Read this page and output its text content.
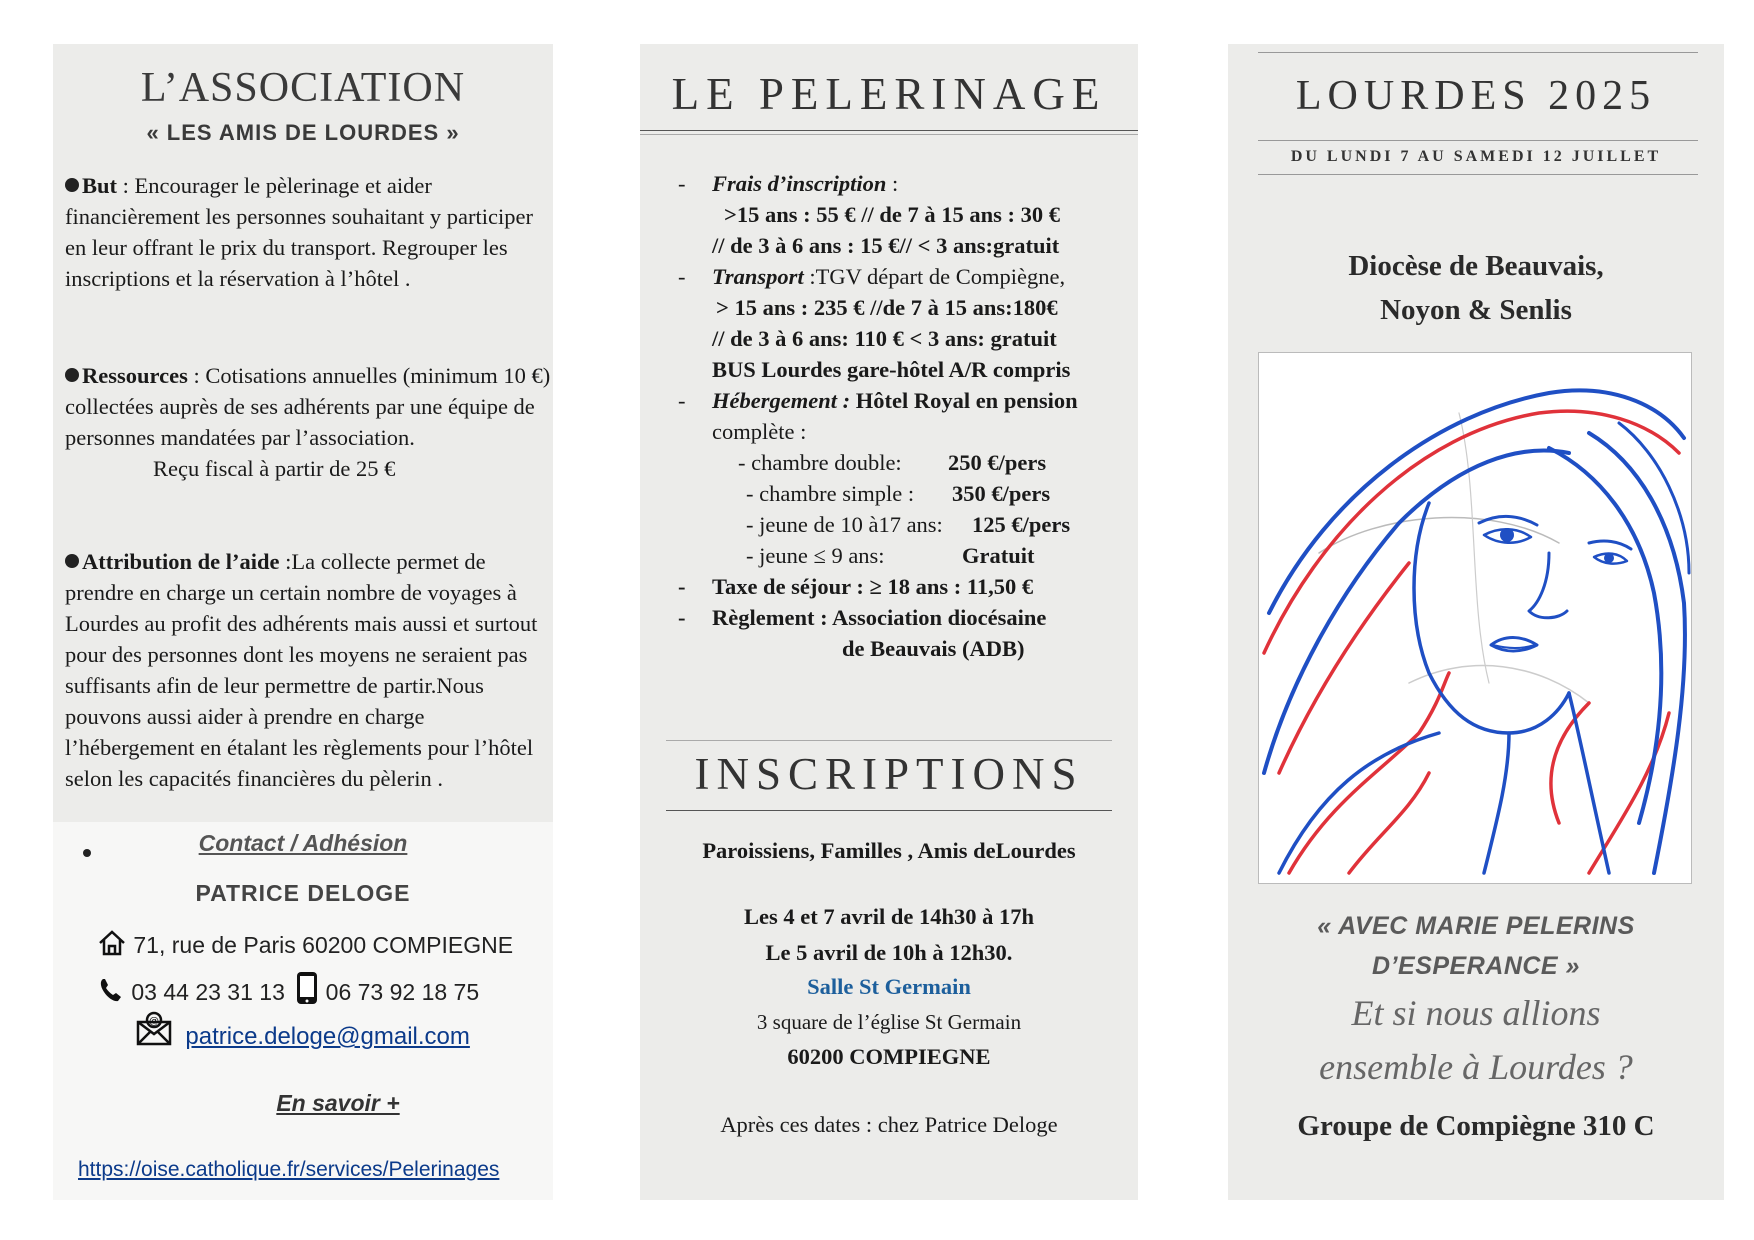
L’ASSOCIATION
« LES AMIS DE LOURDES »
But : Encourager le pèlerinage et aider financièrement les personnes souhaitant y participer en leur offrant le prix du transport. Regrouper les inscriptions et la réservation à l’hôtel .
Ressources : Cotisations annuelles (minimum 10 €) collectées auprès de ses adhérents par une équipe de personnes mandatées par l’association.
Reçu fiscal à partir de 25 €
Attribution de l’aide :La collecte permet de prendre en charge un certain nombre de voyages à Lourdes au profit des adhérents mais aussi et surtout pour des personnes dont les moyens ne seraient pas suffisants afin de leur permettre de partir.Nous pouvons aussi aider à prendre en charge l’hébergement en étalant les règlements pour l’hôtel selon les capacités financières du pèlerin .
Contact / Adhésion
PATRICE DELOGE
71, rue de Paris 60200 COMPIEGNE
03 44 23 31 13 06 73 92 18 75
@
patrice.deloge@gmail.com
En savoir +
https://oise.catholique.fr/services/Pelerinages
LE PELERINAGE
- Frais d’inscription :
>15 ans : 55 € // de 7 à 15 ans : 30 €
// de 3 à 6 ans : 15 €// < 3 ans:gratuit
- Transport :TGV départ de Compiègne,
> 15 ans : 235 € //de 7 à 15 ans:180€
// de 3 à 6 ans: 110 € < 3 ans: gratuit
BUS Lourdes gare-hôtel A/R compris
- Hébergement : Hôtel Royal en pension
complète :
- chambre double: 250 €/pers
- chambre simple : 350 €/pers
- jeune de 10 à17 ans: 125 €/pers
- jeune ≤ 9 ans:	Gratuit
- Taxe de séjour : ≥ 18 ans : 11,50 €
- Règlement : Association diocésaine
de Beauvais (ADB)
INSCRIPTIONS
Paroissiens, Familles , Amis deLourdes
Les 4 et 7 avril de 14h30 à 17h
Le 5 avril de 10h à 12h30.
Salle St Germain
3 square de l’église St Germain
60200 COMPIEGNE
Après ces dates : chez Patrice Deloge
LOURDES 2025
DU LUNDI 7 AU SAMEDI 12 JUILLET
Diocèse de Beauvais,
Noyon & Senlis
« AVEC MARIE PELERINS
D’ESPERANCE »
Et si nous allions
ensemble à Lourdes ?
Groupe de Compiègne 310 C
